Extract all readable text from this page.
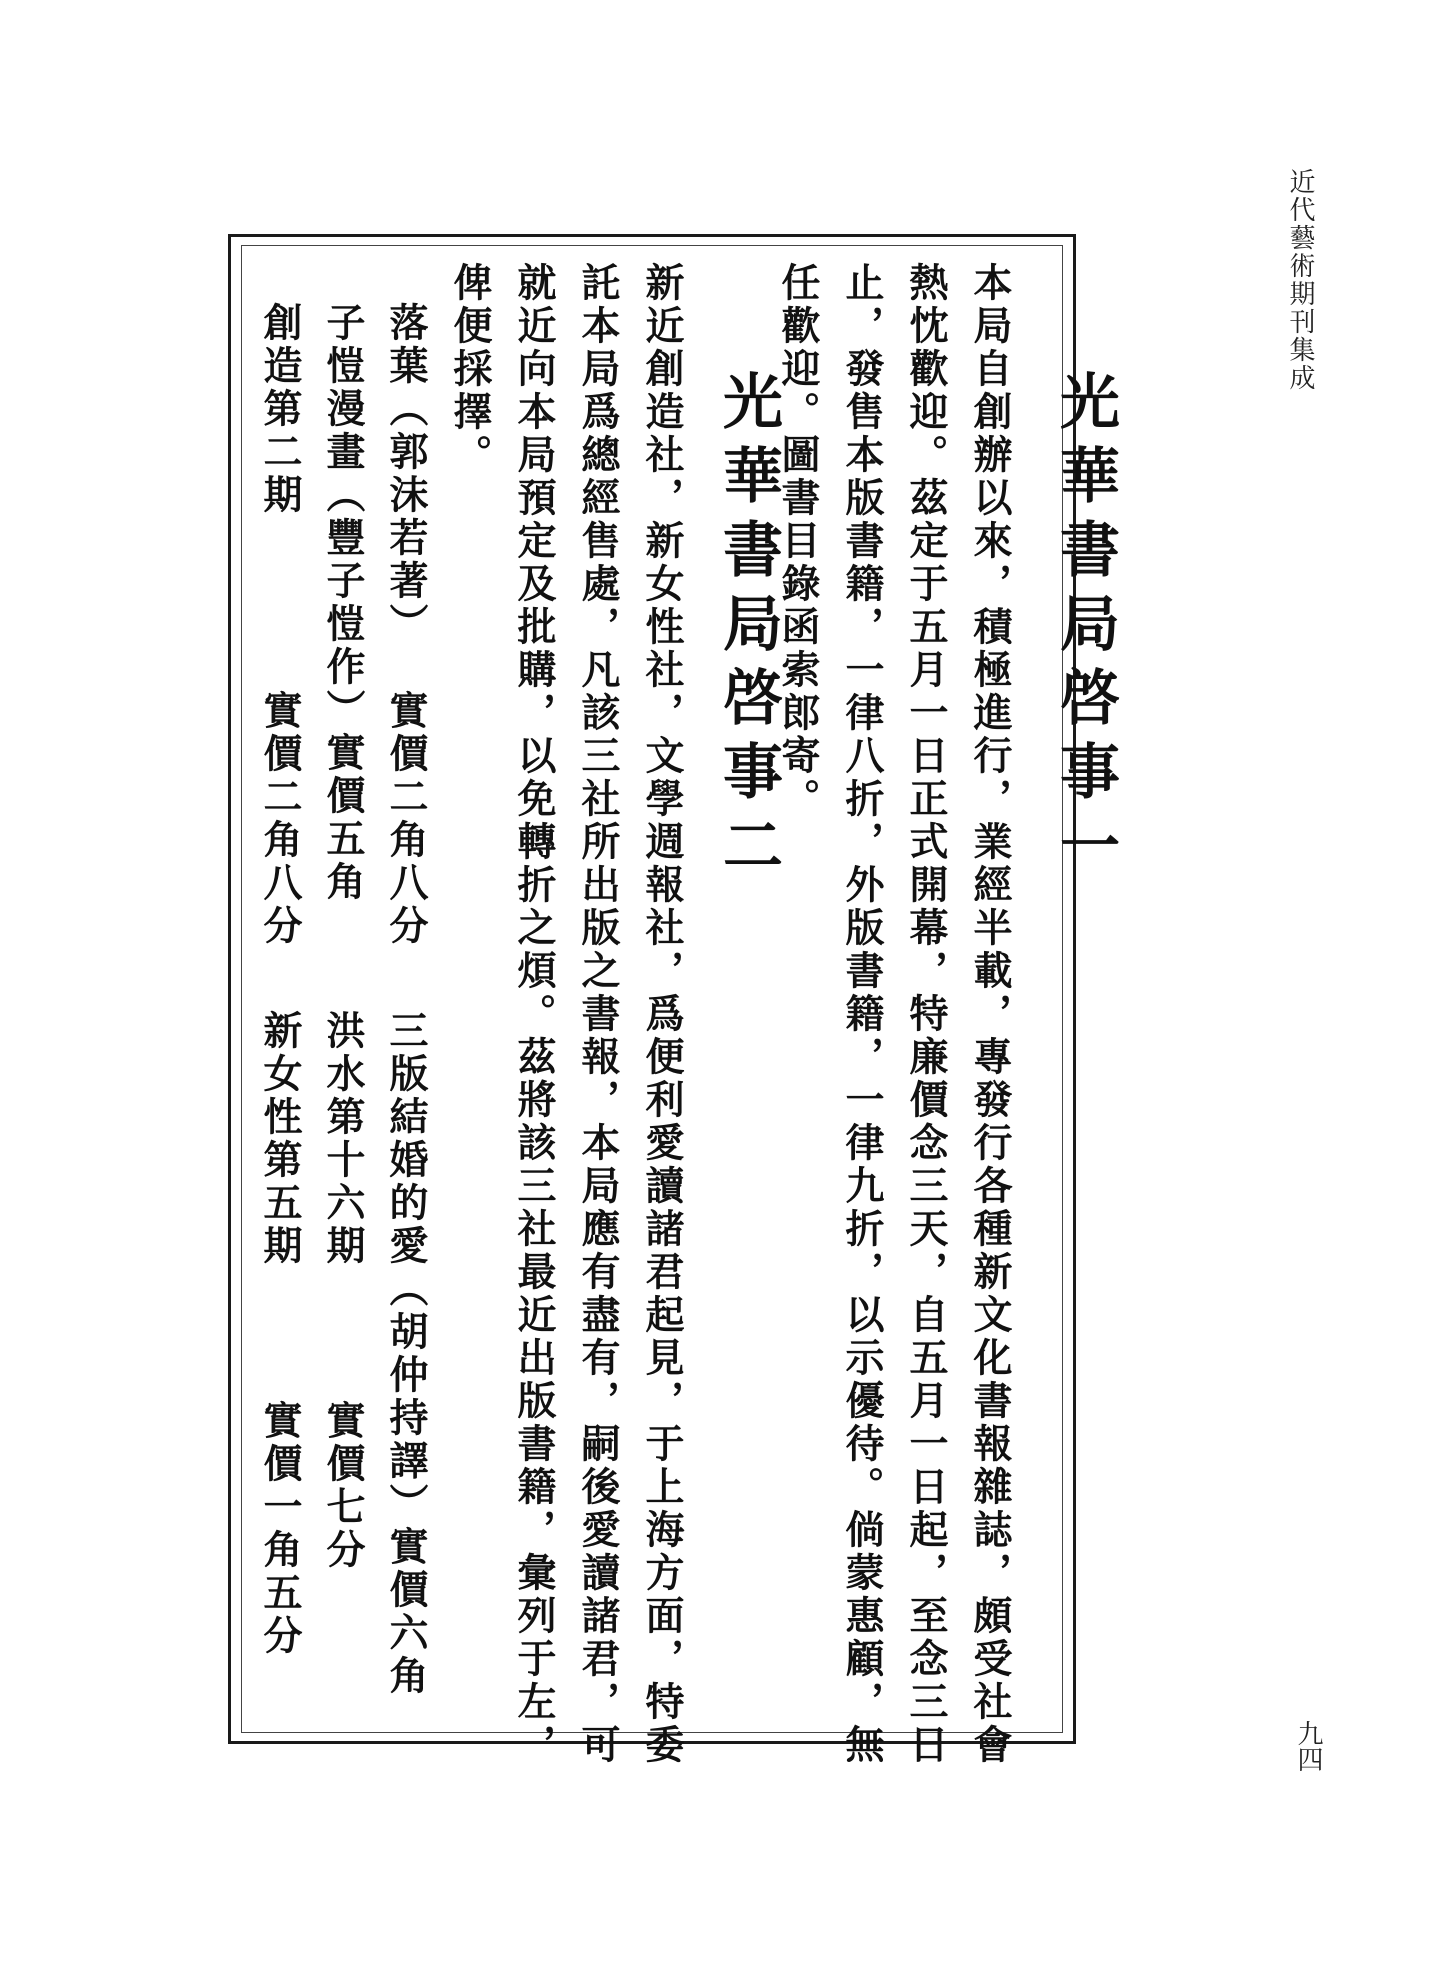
近代藝術期刊集成
九四
光華書局啓事一
本局自創辦以來，積極進行，業經半載，專發行各種新文化書報雜誌，頗受社會
熱忱歡迎。茲定于五月一日正式開幕，特廉價念三天，自五月一日起，至念三日
止，發售本版書籍，一律八折，外版書籍，一律九折，以示優待。倘蒙惠顧，無
任歡迎。圖書目錄函索郎寄。
光華書局啓事二
新近創造社，新女性社，文學週報社，爲便利愛讀諸君起見，于上海方面，特委
託本局爲總經售處，凡該三社所出版之書報，本局應有盡有，嗣後愛讀諸君，可
就近向本局預定及批購，以免轉折之煩。茲將該三社最近出版書籍，彙列于左，
俾便採擇。
落葉（郭沫若著）
實價二角八分
子愷漫畫（豐子愷作）實價五角
創造第二期
實價二角八分
三版結婚的愛（胡仲持譯）實價六角
洪水第十六期
實價七分
新女性第五期
實價一角五分
